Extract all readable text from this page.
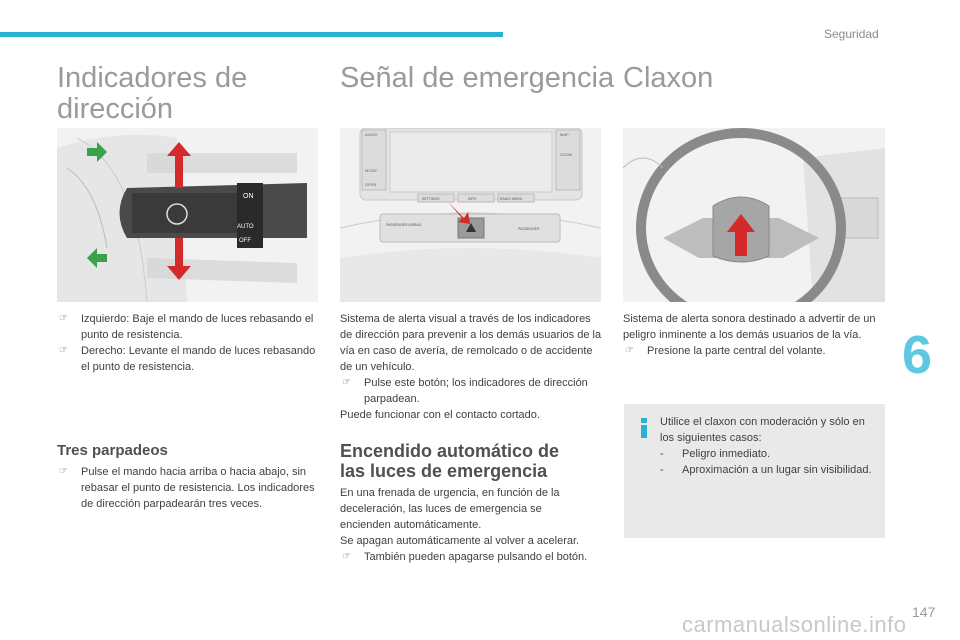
Seguridad
6
Indicadores de
dirección
ON
AUTO
OFF
☞ Izquierdo: Baje el mando de luces rebasando el punto de resistencia.
☞ Derecho: Levante el mando de luces rebasando el punto de resistencia.
Tres parpadeos
☞ Pulse el mando hacia arriba o hacia abajo, sin rebasar el punto de resistencia. Los indicadores de dirección parpadearán tres veces.
Señal de emergencia
AUDIO
MODE
OPEN
MAP
ZOOM
SETTINGS	INFO	RADIO MENU
PASSENGER AIRBAG
PASSENGER
Sistema de alerta visual a través de los indicadores de dirección para prevenir a los demás usuarios de la vía en caso de avería, de remolcado o de accidente de un vehículo.
☞ Pulse este botón; los indicadores de dirección parpadean.
Puede funcionar con el contacto cortado.
Encendido automático de
las luces de emergencia
En una frenada de urgencia, en función de la deceleración, las luces de emergencia se encienden automáticamente.
Se apagan automáticamente al volver a acelerar.
☞ También pueden apagarse pulsando el botón.
Claxon
Sistema de alerta sonora destinado a advertir de un peligro inminente a los demás usuarios de la vía.
☞ Presione la parte central del volante.
Utilice el claxon con moderación y sólo en los siguientes casos:
- Peligro inmediato.
- Aproximación a un lugar sin visibilidad.
147
carmanualsonline.info
